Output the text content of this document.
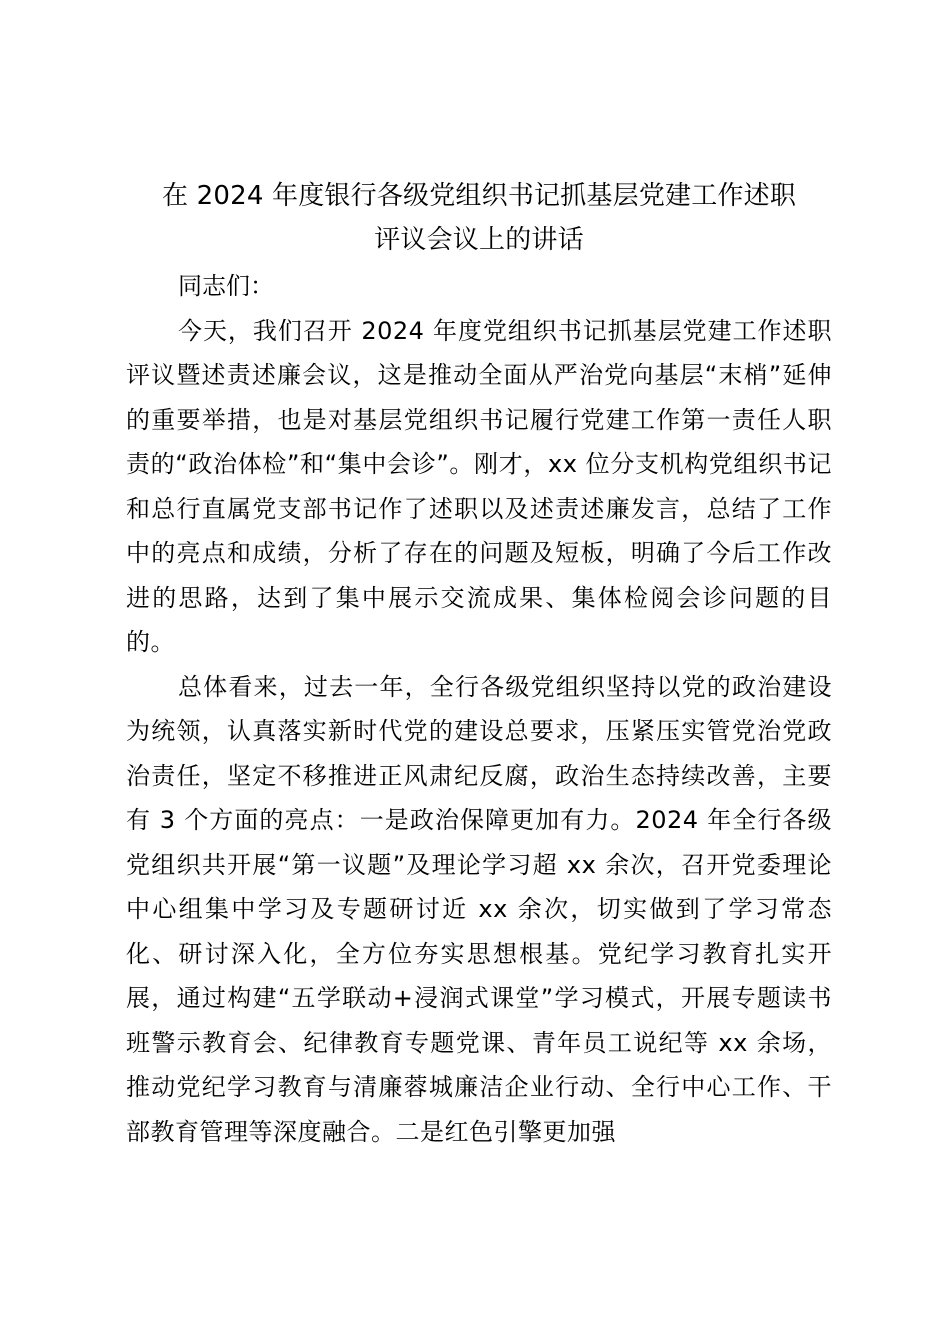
在 2024 年度银行各级党组织书记抓基层党建工作述职
评议会议上的讲话

同志们：

今天，我们召开 2024 年度党组织书记抓基层党建工作述职评议暨述责述廉会议，这是推动全面从严治党向基层“末梢”延伸的重要举措，也是对基层党组织书记履行党建工作第一责任人职责的“政治体检”和“集中会诊”。刚才，xx 位分支机构党组织书记和总行直属党支部书记作了述职以及述责述廉发言，总结了工作中的亮点和成绩，分析了存在的问题及短板，明确了今后工作改进的思路，达到了集中展示交流成果、集体检阅会诊问题的目的。

总体看来，过去一年，全行各级党组织坚持以党的政治建设为统领，认真落实新时代党的建设总要求，压紧压实管党治党政治责任，坚定不移推进正风肃纪反腐，政治生态持续改善，主要有 3 个方面的亮点：一是政治保障更加有力。2024 年全行各级党组织共开展“第一议题”及理论学习超 xx 余次，召开党委理论中心组集中学习及专题研讨近 xx 余次，切实做到了学习常态化、研讨深入化，全方位夯实思想根基。党纪学习教育扎实开展，通过构建“五学联动+浸润式课堂”学习模式，开展专题读书班警示教育会、纪律教育专题党课、青年员工说纪等 xx 余场，推动党纪学习教育与清廉蓉城廉洁企业行动、全行中心工作、干部教育管理等深度融合。二是红色引擎更加强
